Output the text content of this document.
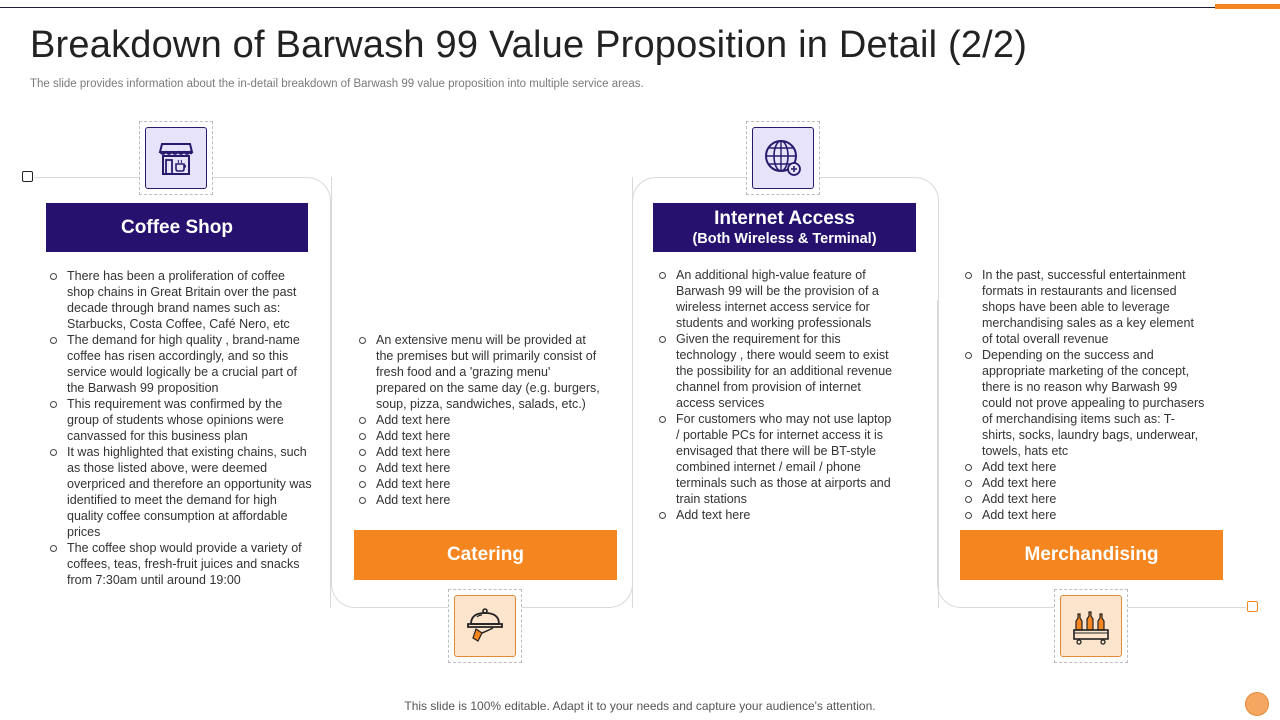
Breakdown of Barwash 99 Value Proposition in Detail (2/2)
The slide provides information about the in-detail breakdown of Barwash 99 value proposition into multiple service areas.
Coffee Shop
There has been a proliferation of coffee shop chains in Great Britain over the past decade through brand names such as: Starbucks, Costa Coffee, Café Nero, etc
The demand for high quality , brand-name coffee has risen accordingly, and so this service would logically be a crucial part of the Barwash 99 proposition
This requirement was confirmed by the group of students whose opinions were canvassed for this business plan
It was highlighted that existing chains, such as those listed above, were deemed overpriced and therefore an opportunity was identified to meet the demand for high quality coffee consumption at affordable prices
The coffee shop would provide a variety of coffees, teas, fresh-fruit juices and snacks from 7:30am until around 19:00
An extensive menu will be provided at the premises but will primarily consist of fresh food and a 'grazing menu' prepared on the same day (e.g. burgers, soup, pizza, sandwiches, salads, etc.)
Add text here
Add text here
Add text here
Add text here
Add text here
Add text here
Catering
Internet Access
(Both Wireless & Terminal)
An additional high-value feature of Barwash 99 will be the provision of a wireless internet access service for students and working professionals
Given the requirement for this technology , there would seem to exist the possibility for an additional revenue channel from provision of internet access services
For customers who may not use laptop / portable PCs for internet access it is envisaged that there will be BT-style combined internet / email / phone terminals such as those at airports and train stations
Add text here
In the past, successful entertainment formats in restaurants and licensed shops have been able to leverage merchandising sales as a key element of total overall revenue
Depending on the success and appropriate marketing of the concept, there is no reason why Barwash 99 could not prove appealing to purchasers of merchandising items such as: T-shirts, socks, laundry bags, underwear, towels, hats etc
Add text here
Add text here
Add text here
Add text here
Merchandising
This slide is 100% editable. Adapt it to your needs and capture your audience's attention.
